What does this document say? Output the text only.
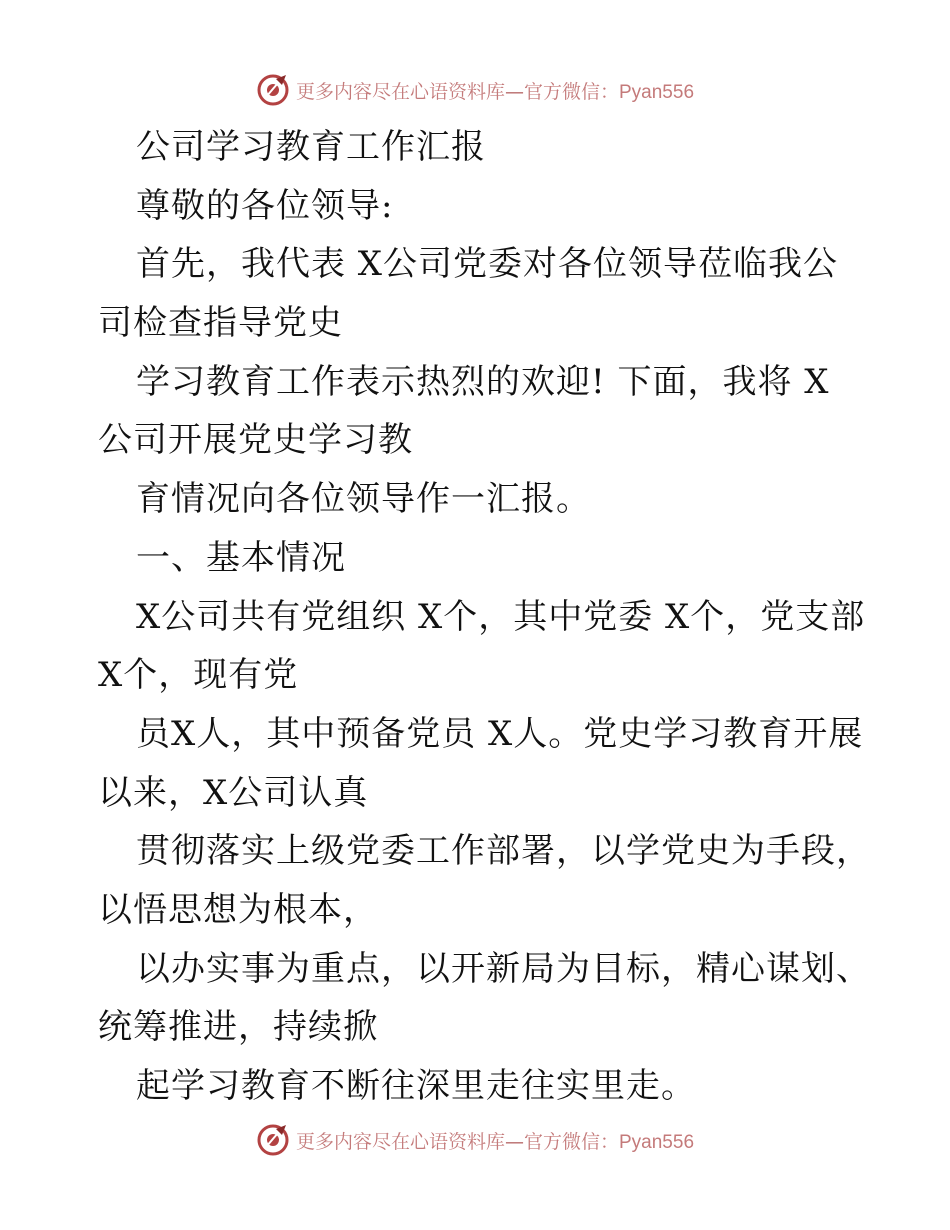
更多内容尽在心语资料库—官方微信：Pyan556
公司学习教育工作汇报
尊敬的各位领导:
首先，我代表 X公司党委对各位领导莅临我公
司检查指导党史
学习教育工作表示热烈的欢迎! 下面，我将 X
公司开展党史学习教
育情况向各位领导作一汇报。
一、基本情况
X公司共有党组织 X个，其中党委 X个，党支部
X个，现有党
员X人，其中预备党员 X人。党史学习教育开展
以来，X公司认真
贯彻落实上级党委工作部署，以学党史为手段，
以悟思想为根本，
以办实事为重点，以开新局为目标，精心谋划、
统筹推进，持续掀
起学习教育不断往深里走往实里走。
更多内容尽在心语资料库—官方微信：Pyan556
